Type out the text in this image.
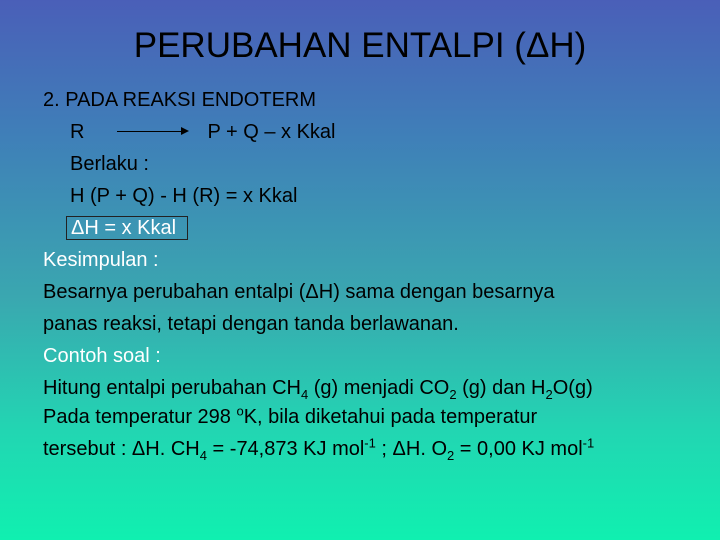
PERUBAHAN ENTALPI (ΔH)
2. PADA REAKSI ENDOTERM
R → P + Q – x Kkal
Berlaku :
H (P + Q) - H (R) = x Kkal
ΔH = x Kkal
Kesimpulan :
Besarnya perubahan entalpi (ΔH) sama dengan besarnya
panas reaksi, tetapi dengan tanda berlawanan.
Contoh soal :
Hitung entalpi perubahan $CH_4$ (g) menjadi $CO_2$ (g) dan $H_2O(g)$
Pada temperatur 298 $^o$K, bila diketahui pada temperatur
tersebut : ΔH. $CH_4 = -74,873$ KJ mol$^{-1}$ ; ΔH. $O_2 = 0,00$ KJ mol$^{-1}$
